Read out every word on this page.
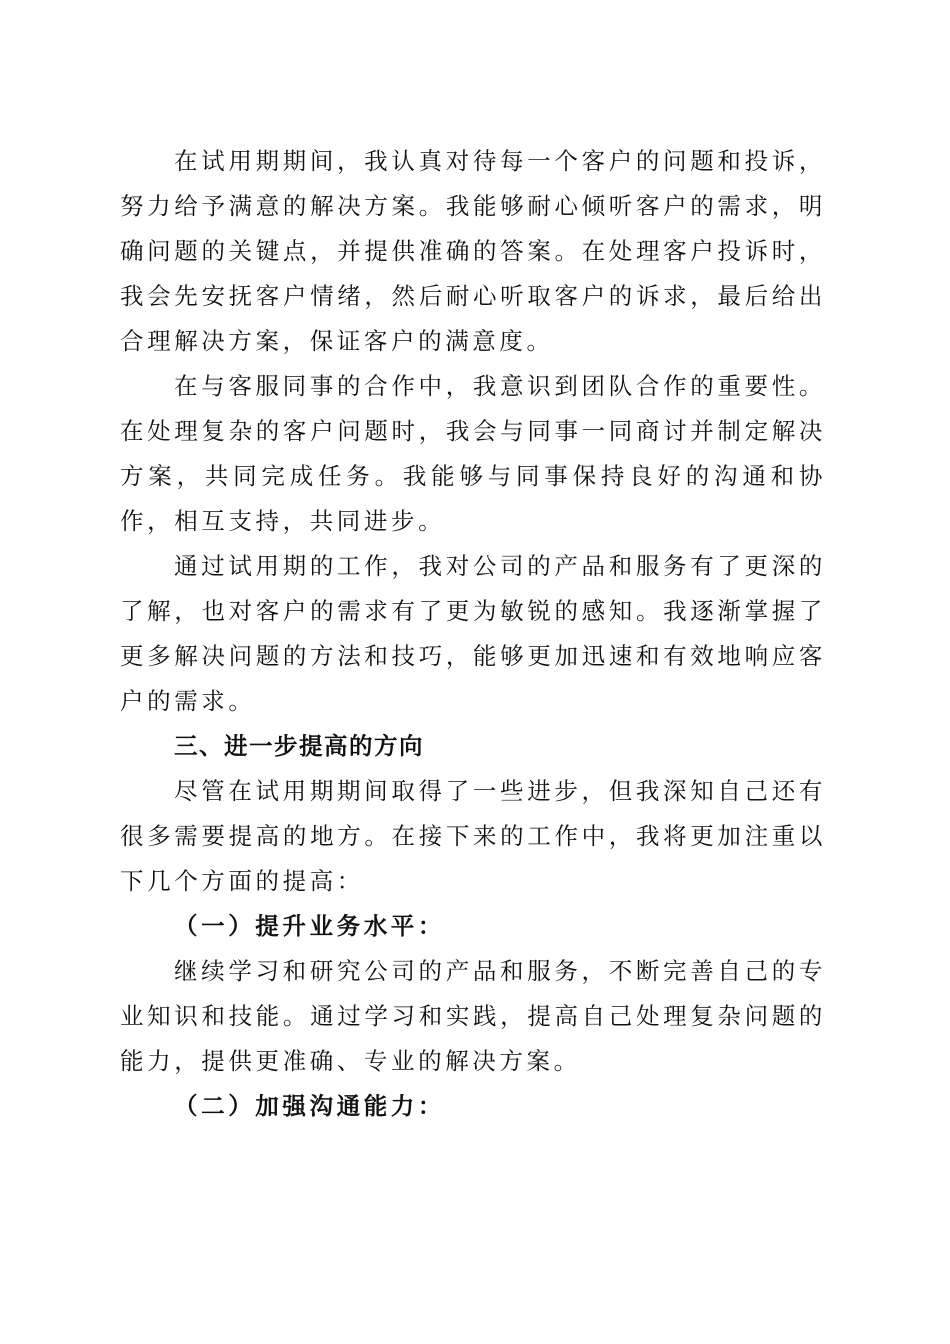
在试用期期间，我认真对待每一个客户的问题和投诉，努力给予满意的解决方案。我能够耐心倾听客户的需求，明确问题的关键点，并提供准确的答案。在处理客户投诉时，我会先安抚客户情绪，然后耐心听取客户的诉求，最后给出合理解决方案，保证客户的满意度。

在与客服同事的合作中，我意识到团队合作的重要性。在处理复杂的客户问题时，我会与同事一同商讨并制定解决方案，共同完成任务。我能够与同事保持良好的沟通和协作，相互支持，共同进步。

通过试用期的工作，我对公司的产品和服务有了更深的了解，也对客户的需求有了更为敏锐的感知。我逐渐掌握了更多解决问题的方法和技巧，能够更加迅速和有效地响应客户的需求。

三、进一步提高的方向

尽管在试用期期间取得了一些进步，但我深知自己还有很多需要提高的地方。在接下来的工作中，我将更加注重以下几个方面的提高：

（一）提升业务水平：

继续学习和研究公司的产品和服务，不断完善自己的专业知识和技能。通过学习和实践，提高自己处理复杂问题的能力，提供更准确、专业的解决方案。

（二）加强沟通能力：
